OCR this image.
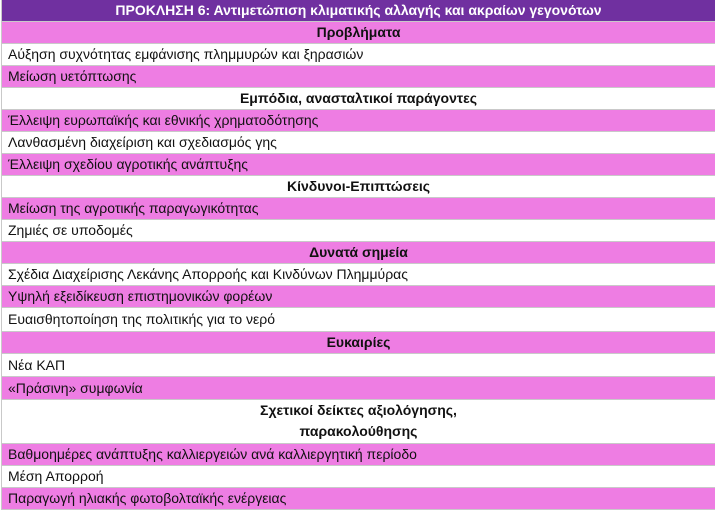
ΠΡΟΚΛΗΣΗ 6: Αντιμετώπιση κλιματικής αλλαγής και ακραίων γεγονότων
Προβλήματα
Αύξηση συχνότητας εμφάνισης πλημμυρών και ξηρασιών
Μείωση υετόπτωσης
Εμπόδια, ανασταλτικοί παράγοντες
Έλλειψη ευρωπαϊκής και εθνικής χρηματοδότησης
Λανθασμένη διαχείριση και σχεδιασμός γης
Έλλειψη σχεδίου αγροτικής ανάπτυξης
Κίνδυνοι-Επιπτώσεις
Μείωση της αγροτικής παραγωγικότητας
Ζημιές σε υποδομές
Δυνατά σημεία
Σχέδια Διαχείρισης Λεκάνης Απορροής και Κινδύνων Πλημμύρας
Υψηλή εξειδίκευση επιστημονικών φορέων
Ευαισθητοποίηση της πολιτικής για το νερό
Ευκαιρίες
Νέα ΚΑΠ
«Πράσινη» συμφωνία
Σχετικοί δείκτες αξιολόγησης,
παρακολούθησης
Βαθμοημέρες ανάπτυξης καλλιεργειών ανά καλλιεργητική περίοδο
Μέση Απορροή
Παραγωγή ηλιακής φωτοβολταϊκής ενέργειας
